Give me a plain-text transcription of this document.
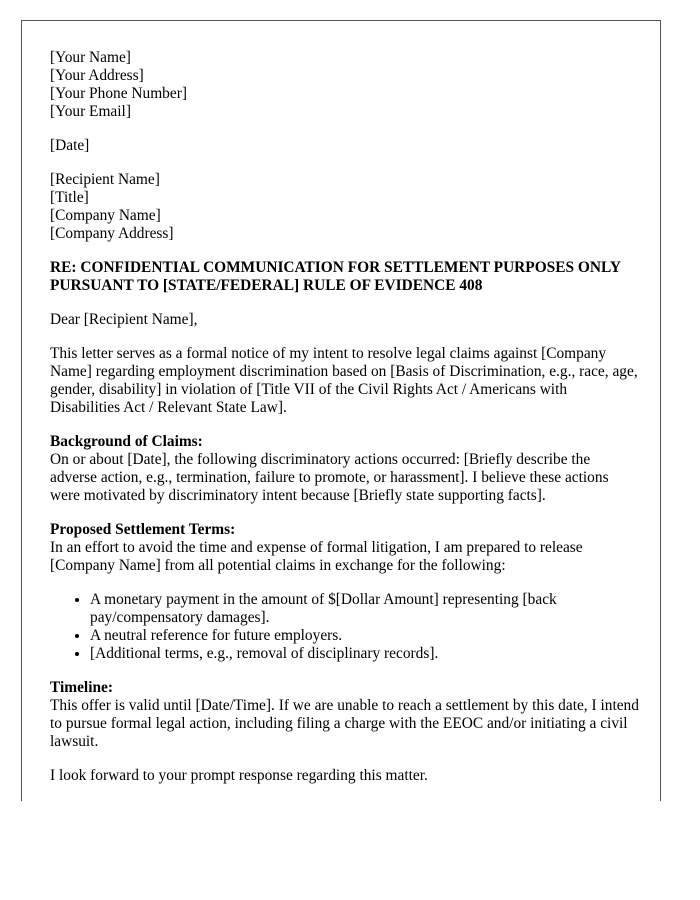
[Your Name]
[Your Address]
[Your Phone Number]
[Your Email]
[Date]
[Recipient Name]
[Title]
[Company Name]
[Company Address]
RE: CONFIDENTIAL COMMUNICATION FOR SETTLEMENT PURPOSES ONLY PURSUANT TO [STATE/FEDERAL] RULE OF EVIDENCE 408
Dear [Recipient Name],
This letter serves as a formal notice of my intent to resolve legal claims against [Company Name] regarding employment discrimination based on [Basis of Discrimination, e.g., race, age, gender, disability] in violation of [Title VII of the Civil Rights Act / Americans with Disabilities Act / Relevant State Law].
Background of Claims:
On or about [Date], the following discriminatory actions occurred: [Briefly describe the adverse action, e.g., termination, failure to promote, or harassment]. I believe these actions were motivated by discriminatory intent because [Briefly state supporting facts].
Proposed Settlement Terms:
In an effort to avoid the time and expense of formal litigation, I am prepared to release [Company Name] from all potential claims in exchange for the following:
• A monetary payment in the amount of $[Dollar Amount] representing [back pay/compensatory damages].
• A neutral reference for future employers.
• [Additional terms, e.g., removal of disciplinary records].
Timeline:
This offer is valid until [Date/Time]. If we are unable to reach a settlement by this date, I intend to pursue formal legal action, including filing a charge with the EEOC and/or initiating a civil lawsuit.
I look forward to your prompt response regarding this matter.
